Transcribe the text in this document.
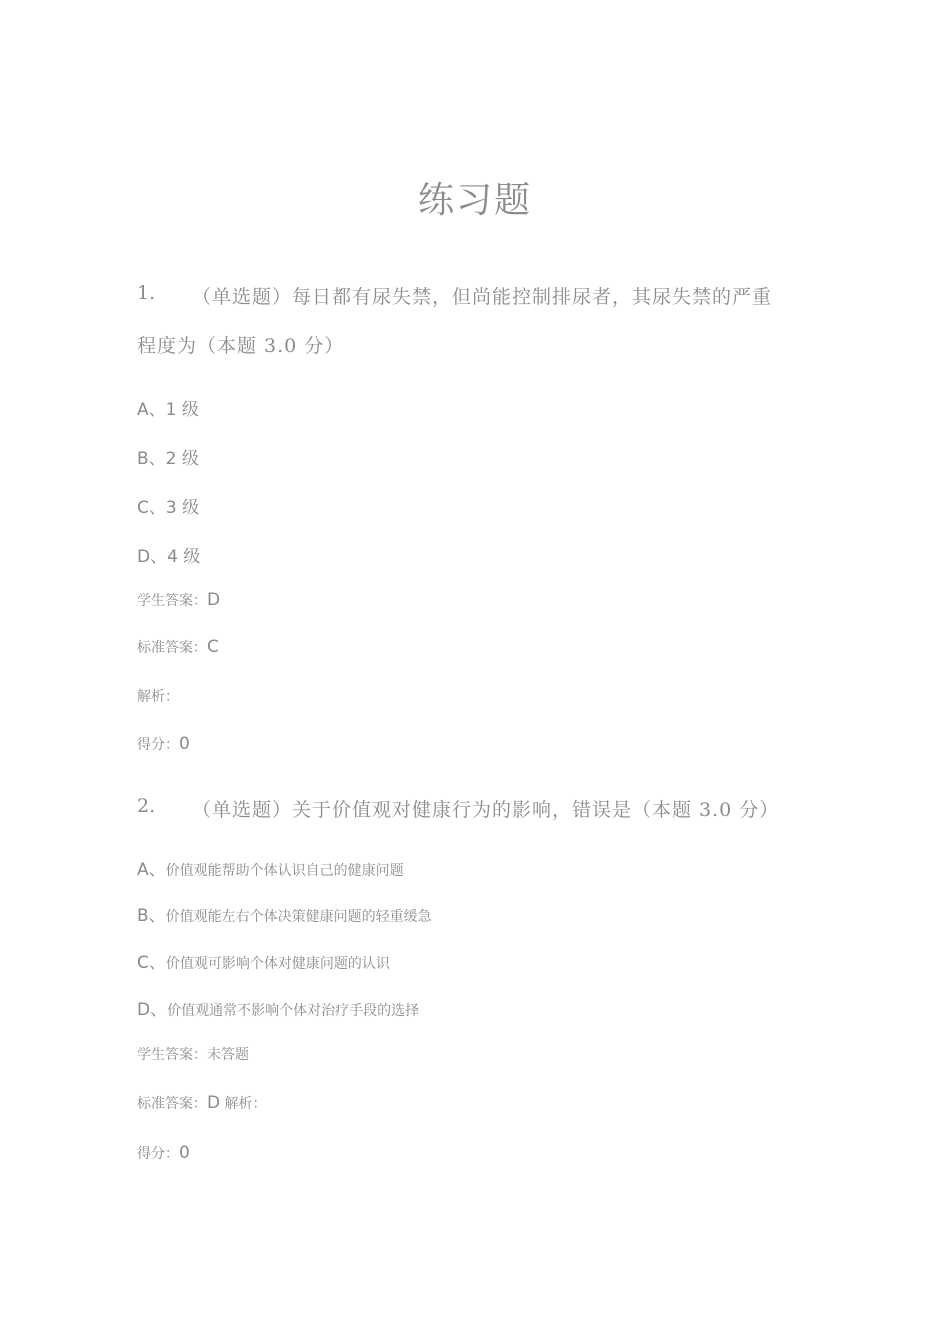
练习题
1. （单选题）每日都有尿失禁，但尚能控制排尿者，其尿失禁的严重
程度为（本题 3.0 分）
A、1 级
B、2 级
C、3 级
D、4 级
学生答案：D
标准答案：C
解析：
得分：0
2. （单选题）关于价值观对健康行为的影响，错误是（本题 3.0 分）
A、价值观能帮助个体认识自己的健康问题
B、价值观能左右个体决策健康问题的轻重缓急
C、价值观可影响个体对健康问题的认识
D、价值观通常不影响个体对治疗手段的选择
学生答案：未答题
标准答案：D 解析：
得分：0
